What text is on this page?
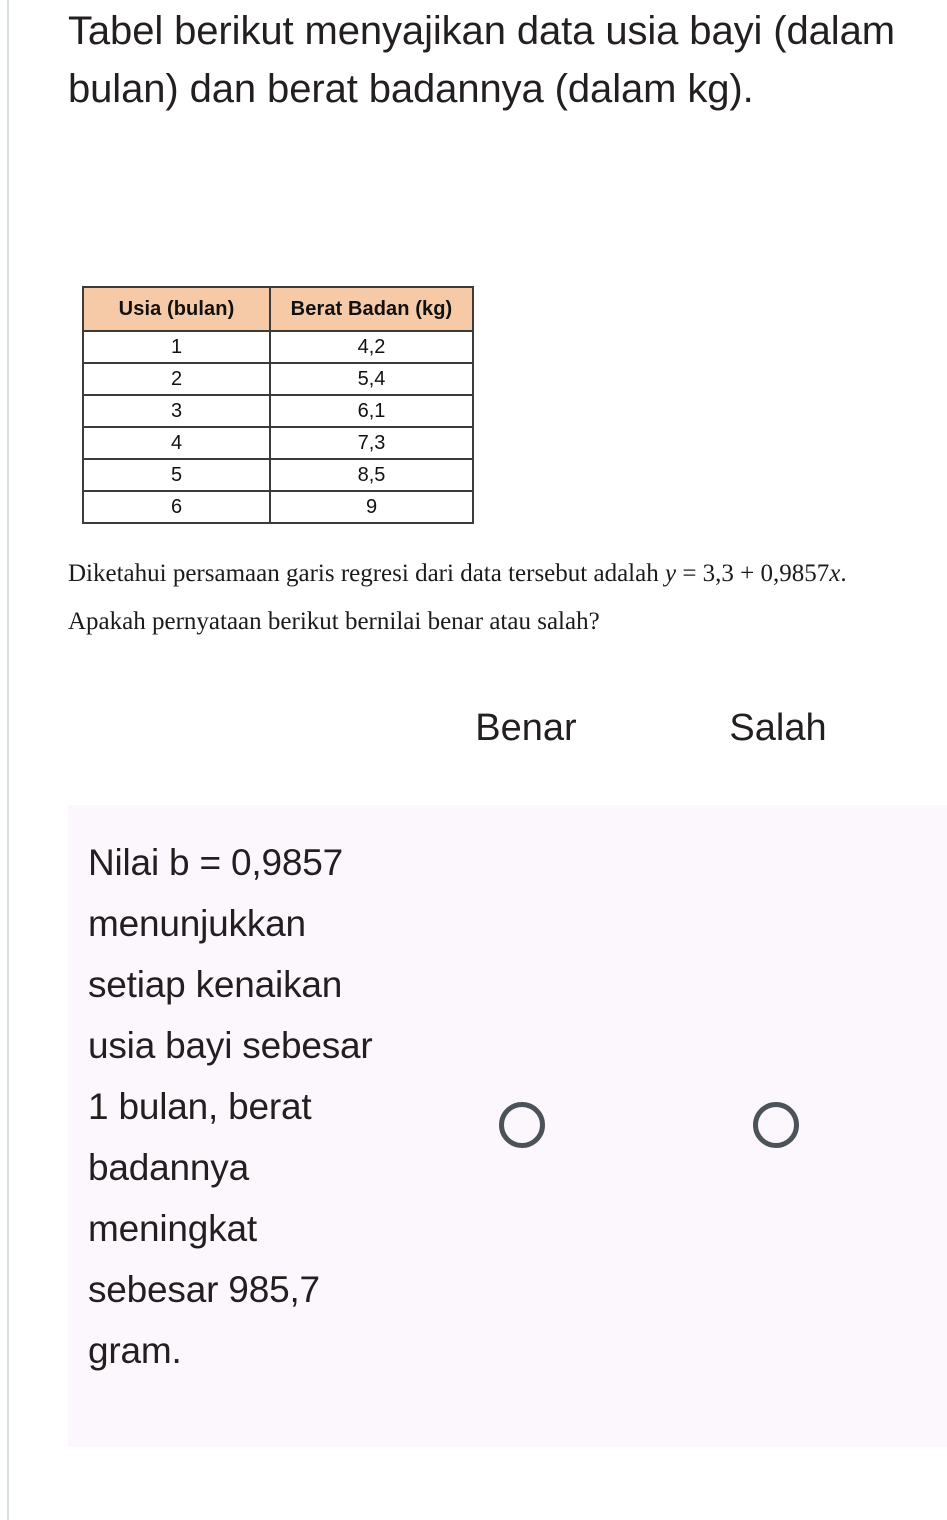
Tabel berikut menyajikan data usia bayi (dalam bulan) dan berat badannya (dalam kg).
Usia (bulan)	Berat Badan (kg)
1	4,2
2	5,4
3	6,1
4	7,3
5	8,5
6	9
Diketahui persamaan garis regresi dari data tersebut adalah y = 3,3 + 0,9857x.
Apakah pernyataan berikut bernilai benar atau salah?
Benar	Salah
Nilai b = 0,9857 menunjukkan setiap kenaikan usia bayi sebesar 1 bulan, berat badannya meningkat sebesar 985,7 gram.
